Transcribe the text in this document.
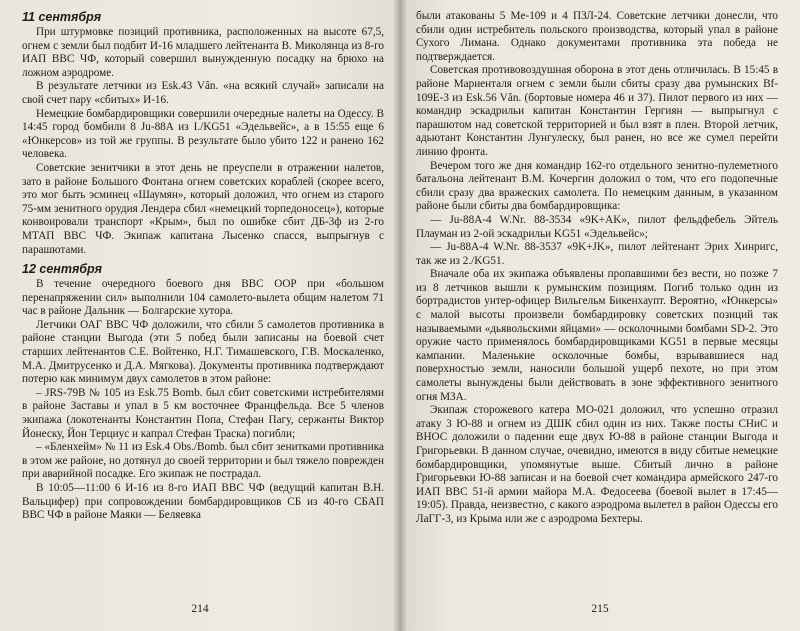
11 сентября

При штурмовке позиций противника, расположенных на высоте 67,5, огнем с земли был подбит И-16 младшего лейтенанта В. Миколянца из 8-го ИАП ВВС ЧФ, который совершил вынужденную посадку на брюхо на ложном аэродроме.

В результате летчики из Esk.43 Vân. «на всякий случай» записали на свой счет пару «сбитых» И-16.

Немецкие бомбардировщики совершили очередные налеты на Одессу. В 14:45 город бомбили 8 Ju-88A из I./KG51 «Эдельвейс», а в 15:55 еще 6 «Юнкерсов» из той же группы. В результате было убито 122 и ранено 162 человека.

Советские зенитчики в этот день не преуспели в отражении налетов, зато в районе Большого Фонтана огнем советских кораблей (скорее всего, это мог быть эсминец «Шаумян», который доложил, что огнем из старого 75-мм зенитного орудия Лендера сбил «немецкий торпедоносец»), которые конвоировали транспорт «Крым», был по ошибке сбит ДБ-3ф из 2-го МТАП ВВС ЧФ. Экипаж капитана Лысенко спасся, выпрыгнув с парашютами.

12 сентября

В течение очередного боевого дня ВВС ООР при «большом перенапряжении сил» выполнили 104 самолето-вылета общим налетом 71 час в районе Дальник — Болгарские хутора.

Летчики ОАГ ВВС ЧФ доложили, что сбили 5 самолетов противника в районе станции Выгода (эти 5 побед были записаны на боевой счет старших лейтенантов С.Е. Войтенко, Н.Г. Тимашевского, Г.В. Москаленко, М.А. Дмитрусенко и Д.А. Мягкова). Документы противника подтверждают потерю как минимум двух самолетов в этом районе:

– JRS-79B № 105 из Esk.75 Bomb. был сбит советскими истребителями в районе Заставы и упал в 5 км восточнее Францфельда. Все 5 членов экипажа (локотенанты Константин Попа, Стефан Пагу, сержанты Виктор Йонеску, Йон Терциус и капрал Стефан Траска) погибли;

– «Бленхейм» № 11 из Esk.4 Obs./Bomb. был сбит зенитками противника в этом же районе, но дотянул до своей территории и был тяжело поврежден при аварийной посадке. Его экипаж не пострадал.

В 10:05—11:00 6 И-16 из 8-го ИАП ВВС ЧФ (ведущий капитан В.Н. Вальцифер) при сопровождении бомбардировщиков СБ из 40-го СБАП ВВС ЧФ в районе Маяки — Беляевка

214

были атакованы 5 Me-109 и 4 ПЗЛ-24. Советские летчики донесли, что сбили один истребитель польского производства, который упал в районе Сухого Лимана. Однако документами противника эта победа не подтверждается.

Советская противовоздушная оборона в этот день отличилась. В 15:45 в районе Мариенталя огнем с земли были сбиты сразу два румынских Bf-109E-3 из Esk.56 Vân. (бортовые номера 46 и 37). Пилот первого из них — командир эскадрильи капитан Константин Гергиян — выпрыгнул с парашютом над советской территорией и был взят в плен. Второй летчик, адьютант Константин Лунгулеску, был ранен, но все же сумел перейти линию фронта.

Вечером того же дня командир 162-го отдельного зенитно-пулеметного батальона лейтенант В.М. Кочергин доложил о том, что его подопечные сбили сразу два вражеских самолета. По немецким данным, в указанном районе были сбиты два бомбардировщика:

— Ju-88A-4 W.Nr. 88-3534 «9K+AK», пилот фельдфебель Эйтель Плауман из 2-ой эскадрильи KG51 «Эдельвейс»;

— Ju-88A-4 W.Nr. 88-3537 «9K+JK», пилот лейтенант Эрих Хинригс, так же из 2./KG51.

Вначале оба их экипажа объявлены пропавшими без вести, но позже 7 из 8 летчиков вышли к румынским позициям. Погиб только один из бортрадистов унтер-офицер Вильгельм Бикенхаупт. Вероятно, «Юнкерсы» с малой высоты произвели бомбардировку советских позиций так называемыми «дьявольскими яйцами» — осколочными бомбами SD-2. Это оружие часто применялось бомбардировщиками KG51 в первые месяцы кампании. Маленькие осколочные бомбы, взрывавшиеся над поверхностью земли, наносили большой ущерб пехоте, но при этом самолеты вынуждены были действовать в зоне эффективного зенитного огня МЗА.

Экипаж сторожевого катера МО-021 доложил, что успешно отразил атаку 3 Ю-88 и огнем из ДШК сбил один из них. Также посты СНиС и ВНОС доложили о падении еще двух Ю-88 в районе станции Выгода и Григорьевки. В данном случае, очевидно, имеются в виду сбитые немецкие бомбардировщики, упомянутые выше. Сбитый лично в районе Григорьевки Ю-88 записан и на боевой счет командира армейского 247-го ИАП ВВС 51-й армии майора М.А. Федосеева (боевой вылет в 17:45—19:05). Правда, неизвестно, с какого аэродрома вылетел в район Одессы его ЛаГГ-3, из Крыма или же с аэродрома Бехтеры.

215
